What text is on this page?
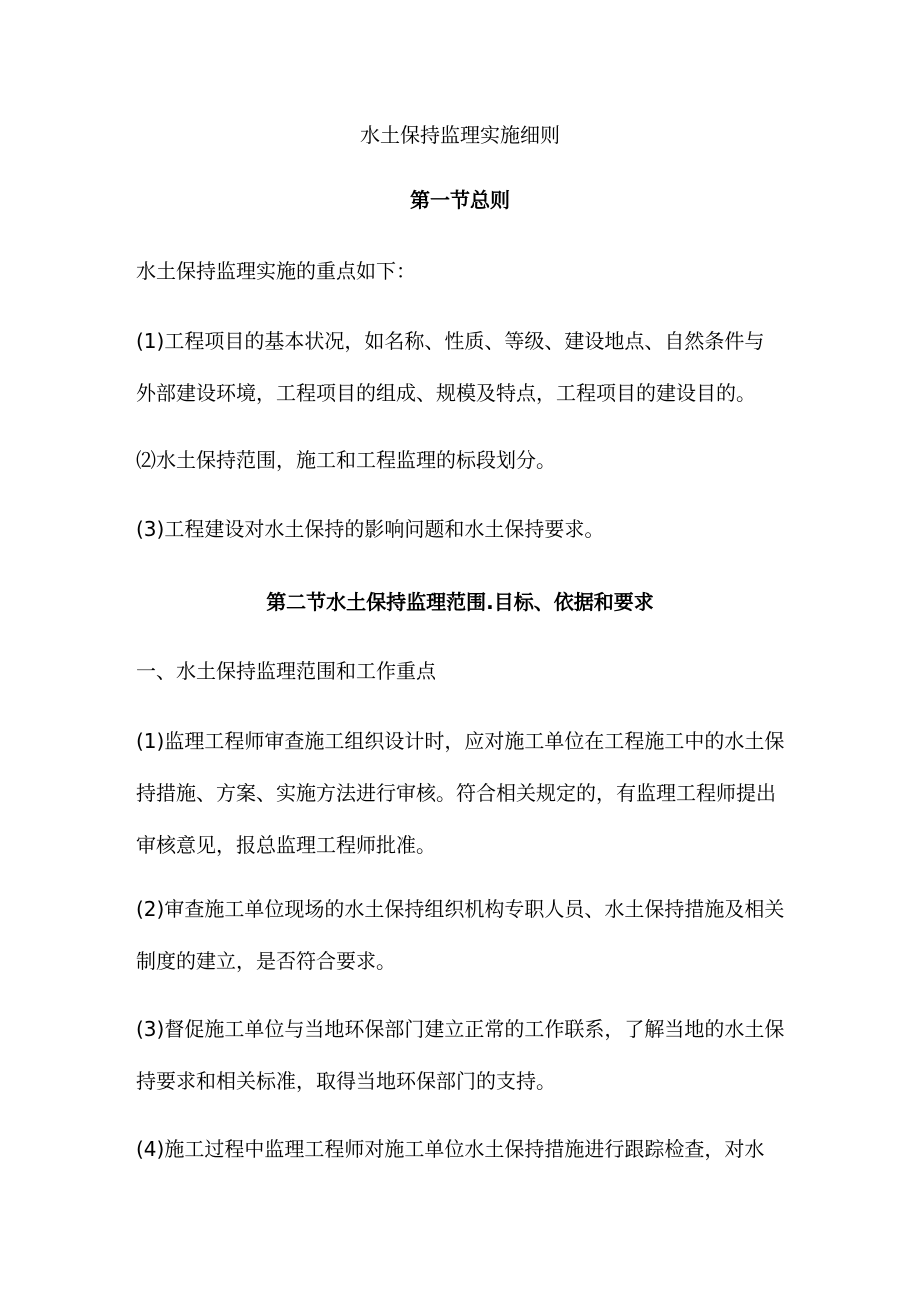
水土保持监理实施细则
第一节总则

水土保持监理实施的重点如下：

(1)工程项目的基本状况，如名称、性质、等级、建设地点、自然条件与
外部建设环境，工程项目的组成、规模及特点，工程项目的建设目的。

⑵水土保持范围，施工和工程监理的标段划分。

(3)工程建设对水土保持的影响问题和水土保持要求。

第二节水土保持监理范围.目标、依据和要求

一、水土保持监理范围和工作重点

(1)监理工程师审查施工组织设计时，应对施工单位在工程施工中的水土保
持措施、方案、实施方法进行审核。符合相关规定的，有监理工程师提出
审核意见，报总监理工程师批准。

(2)审查施工单位现场的水土保持组织机构专职人员、水土保持措施及相关
制度的建立，是否符合要求。

(3)督促施工单位与当地环保部门建立正常的工作联系，了解当地的水土保
持要求和相关标准，取得当地环保部门的支持。

(4)施工过程中监理工程师对施工单位水土保持措施进行跟踪检查，对水
